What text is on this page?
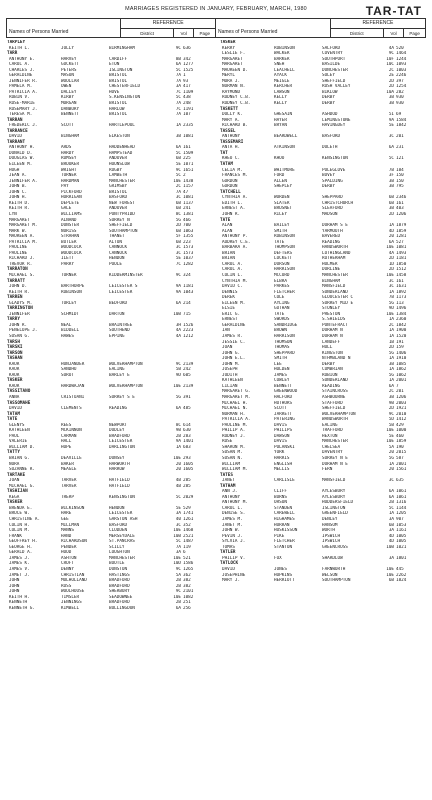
MARRIAGES REGISTERED IN JANUARY, FEBRUARY, MARCH, 1980	TAR-TAT
Names of Persons Married
REFERENCE
District	Vol	Page	Names of Persons Married
REFERENCE
District	Vol	Page
TARPLEY
KEITH L.	JOLLY	BIRMINGHAM	9C 636
TARR
ANTHONY E.	HARVEY	CARDIFF	8B 342
CAROL A.	GUCKETT	ETON	6A 1277
CHARLES J.	PETERS	ISLINGTON	5C 1525
GERALDINE	MASON	BRISTOL	7A 1
JENNIFER R.	WOOLLAR	BRISTOL	7A 93
PAMELA M.	OWEN	CHESTERFIELD	3A 417
PATRICIA A.	DALLEY	HOVE	7C 1109
ROBIN V.	KIRBY	S.KENSINGTON	5C 438
ROSE-MARIE	MORGAN	BRISTOL	7A 248
ROSEMARY J.	DANBURY	HARLOW	7C 1191
TERESA M.	BENNETT	BRISTOL	7A 107
TARRAN
FREDERIC J.	SCOTT	HARTLEPOOL	1A 2335
TARRANCE
DAVID	BINGHAM	ELKESTON	3B 1081
TARRANT
ANTHONY H.	ARDS	HADDENHEAD	6A 161
DONALD D.	HARDY	HAMPSTEAD	5C 1509
DOUGLAS W.	RUMSEY	ANDOVER	6B 225
EILEEN M.	BROOKER	HOUNSLOW	5E 1071
HUGH	WRIGHT	RUGBY	9C 1651
JEAN A.	TURNER	LAMBETH	5C 2
JENNIFER A.	HARDMAN	MANCHESTER	10E 1438
JOHN B.	PAY	GRIMSBY	2C 1157
JOHN C.	PICKFORD	BRISTOL	7A 47
JOHN H.	HORRIGAN	BASFORD	3C 1081
KEITH D.	DEPLETE	NEW FOREST	6B 1137
KEITH R.	GALE	ANDOVER	6B 241
LYN	WILLIAMS	PONTYPRIDD	8C 1381
MARGARET	ALNAND	SURREY N	5G 466
MARGARET M.	DUNSTER	SHEFFIELD	2D 700
MARK W.	NURISS	SOUTHAMPTON	6B 1063
MAUREEN A.	STRAHAN	THANET	5F 1355
PATRICIA M.	BUTLER	ALTON	6B 223
PAULINE	WOODCOCK	CANNOCK	3C 1573
PAULINE	WOODCOCK	CANNOCK	3C 1573
RICHARD J.	ILETT	HENDON	5E 1037
TREVOR R.	PARRY	POOLE	7C 1282
TARRATON
MICHAEL S.	TURNER	KIDDERMINSTER	9C 324
TARRATT
JOHN D.	BARTHORPE	LEICESTER S	9A 1181
KEITH R.	ROBINSON	LEICESTER	9A 1043
TARREN
GLADYS M.	TURLEY	BEDFORD	6A 214
TARRINGTON
JENNIFER	SCHMIDT	DARTON	10B 715
TARRY
JOHN R.	NEAL	BRAINTREE	3H 1526
PENELOPE J.	BIDDELL	SOUTHEND	4A 2223
SUSAN G.	HAWES	EPPING	4A 1212
TARSH
TARSKI
TARSON
TASHAN
KAUR	HUNJANDER	WOLVERHAMPTON	9C 2139
KAUR	SANDHU	EALING	5B 242
KAUR	SUROT	BARLEY E	9D 605
TASKER
KAUR	HARDWAJAN	WOLVERHAMPTON	10E 2139
TASSITANO
ANNA	CRISTOANI	SURREY S E	5G 391
TASSOMAHE
DAVID	CLEMENTS	READING	6A 485
TATAM
TATE
GLENYS	REES	NEWPORT	8C 614
KATHLEEN	MCKINNON	DUDLEY	9B 630
PAUL	CARMAN	BRADFORD	2B 283
VALERIE	HALL	LEICESTER	9A 1401
WILLIAM D.	HOPE	DARLINGTON	1A 683
TATTY
BRIAN G.	DEAVILLE	DUNSEY	10E 293
NORA	BAKER	HARWORTH	20 1605
SUZANNE R.	MEAGLE	HARROW	20 1605
TARTAKE
JOAN	TARVER	HATFIELD	4B 285
MICHAEL G.	TARVER	HATFIELD	4B 285
TASHIJAN
KEGA	TRERP	KENSINGTON	5C 2029
TASKER
BRENDA E.	WILKINSON	HENDON	5E 529
BRUCE W.	HARE	LEICESTER	3A 1741
CHRISTINE A.	GEE	GARSTON ASH	40 1261
COLIN H.	MILLMAN	BASFORD	3C 352
COLIN M.	MANNS	CLUDDEN	10E 1468
FRANK	HAND	MERSEYDALE	10B 2521
GEOFFREY H.	RICHARDSON	ST.PANCRAS	5C 1487
GEORGE H.	PENDER	SCILLY	7A 119
GERALD A.	HOOD	LOUGHTON	3A 6
JAMES J.	ASHTON	MANCHESTER	10E 521
JAMES K.	CROFT	BOOTLE	10D 1586
JAMES V.	DENNY	DUNSTON	9C 1265
JAMET J.	CHRISTIAN	HASTINGS	5A 362
JOHN	MULHOLLAND	BRADFORD	2B 382
JOHN	ROSS	BRADFORD	2B 382
JOHN	WOOLHOUSE	SHERBURY	9C 2101
KEITH H.	TIMSLER	SEADOWNEE	10E 1082
KENNETH	JENNINGS	BRADFORD	2B 251
KENNETH G.	KIMBELL	BULLINGDON	6A 256
TASKER
KERRY	ROBINSON	SALFORD	4A 520
LESLIE F.	WALKER	COVENTRY	9C 1464
MARGARET	BARKER	SOUTHPORT	10F 1244
MARGARET	SNEH	BASILDE	10C 1093
MAUREEN D.	LEACHELL	DUNCHESTER	2C 1003
MERYL	AYACK	SOLEY	2E 2246
MORA J.	MEIGLE	SHEFFIELD	2D 397
NORMAN N.	KERCHER	RUSH VALLEY	2D 1254
RAYMOND	LAWSON	BIKLOW	10A 282
RODNEY C.B.	KELLY	DERBY	3B 930
RODNEY C.B.	KELLY	DERBY	3B 930
TASKETT
DOLLY K.	GHESAIN	ASHDOD	5I 69
MARY A.	HAYER	LEMINGSTONE	9A 1584
RICHARD B.	BRYAN	HAVINGDEY	5E 1842
TASSEL
ANTHONY	BEARDWELL	BASFORD	3C 201
TASSEMARI
ANTA H.	ATKINSON	DULETH	6A 231
TAT
KHEO C.	KHOO	KENSINGTON	5C 121
TATAM
CELIA M.	WHITMORE	POLEGLOVE	7B 184
FRANCES M.	FORD	BOVEY	3F 150
GORDON	ALLEN	SPALDING	3B 150
GORDON	SHEPLEY	DERBY	3B 795
TATCHELL
CYNTHIA A.	WORDEN	SHEPPARD	6B 2346
EDITH L.	SLATER	CHRISTCHURCH	6B 161
ERNEST A.	BRUSNET	SLEAFORD	3B 403
JOHN R.	RILEY	MADSON	2D 1206
TATE
ALAN	BAILEY	DURHAM S E	1A 1879
ALAN	SMITH	YARMOUTH	4D 1859
ANTHONY P.	ROBINSON	BAVERED	20 1281
AUDREY C.E.	TATE	READING	6A 527
BARBARA A.	THOMPSON	HANDSWORTH	10E 1081
BRIAN	DEFTERS	LOTHINGLAND	4A 1493
BRIAN	LOCKETT	ROTHERHAM	2D 1181
CAROL A.	DURSON	HULMER	1D 1850
CAROL A.	HARRISON	DURLINE	2D 1512
COLIN L.	MCCORD	MANCHESTER	10E 1458
CYNTHIA M.	ELBRA	BINGHAM	3C 161
DAVID C.	PARKES	MANSFIELD	3C 1631
DENNIS	FLETCHER	SUNDERLAND	1A 1892
DEREK	COLE	GLOUCESTER C	7B 1173
EILEEN M.	AYLING	SURREY MID E	5G 113
ELSIE	GUTHAN	STONLEY	9D 1496
ERIC G.	TATE	PRESTON	10E 1384
ERNEST	SWORDS	S.SHIELDS	1A 2360
GERALDINE	SANDRIDGE	PONTEFRACT	2C 1842
IAN	BROWN	DURHAM N	1A 1900
JAMES R.	HARRISON	DURHAM N	1A 1520
JESSIE C.	THOMSON	LANDEFF	1B 191
JOAN	THOMAS	HULL	2D 159
JOHN G.	SHEPPARD	KINGSTON	5G 1406
JOHN E.L.	SMITH	NTHMBLAND N	1A 1910
JOHN M.	LEE	DERBY	3B 1085
JOSEPH	HOLDEN	CUMBRIAN	1A 1862
JUDITH	JAMES	ROBION	5G 1062
KATHLEEN	COWLEY	SUNDERLAND	1A 2001
LILIAN	BENNETT	READING	6A 7
MARGARET G.	GREENWOOD	STAINCROSS	2C 201
MARGARET M.	HALFORD	ASHBOURNE	3B 1206
MICHAEL H.	HUTHURS	STAFFORD	9B 2003
MICHAEL N.	SCOTT	SHEFFIELD	2D 1921
NORMAN H.	JARRETT	WOLVERHAMPTON	9C 2010
PATRICIA A.	PATERING	WANDSWORTH	5D 1412
PAULINE M.	DAVIS	EALING	5B 429
PHILIP A.	PHILIPS	TRAFFORD	10E 1000
RODNEY J.	DAWSON	HEXTON	5E 460
ROSE	DAVIS	MANCHESTER	10E 1859
SHARON M.	POLANSKI	CHELSEA	5A 190
SUSAN M.	YORK	DAVENTRY	20 2015
SUSAN N.	HARRIS	SURREY N E	5G 587
WILLIAM	ENGLISH	DURHAM N E	1A 2001
WILLIAM M.	MELLIS	FERN	20 1561
TATES
JANET	CARLISLE	MANSFIELD	3C 635
TATHAM
ANN J.	CLIFF	AYLESBURY	6A 1061
ANTHONY	BURNS	AYLESBURY	6A 1061
ANTHONY M.	ORSON	HUDDERSFIELD	2B 1316
CAROL L.	STANDEN	ISLINGTON	5C 1144
DENISE S.	CAREWELL	GREENFIELD	1A 1205
JAMES M.	HIGHAMES	DENLEY	3A 907
JANET M.	HURRAN	HANSOM	6B 1053
JOHN W.	HUSKISSON	WORTH	3A 1161
PEVIN J.	PIKE	IPSWICH	4D 1005
SYLVIA J.	FLETCHER	IPSWICH	4D 1005
TOMAS	STANTON	GREENCROSS	10B 1021
TATLER
PHILIP V.	FOX	SHARDLOW	3A 1801
TATLOCK
DAVID	JONES	FARNWORTH	10E 445
JOSEPHINE	HOPKINS	WELSON	10E 2262
MARY J.	HERRIOTT	SOUTHAMPTON	6B 1824
